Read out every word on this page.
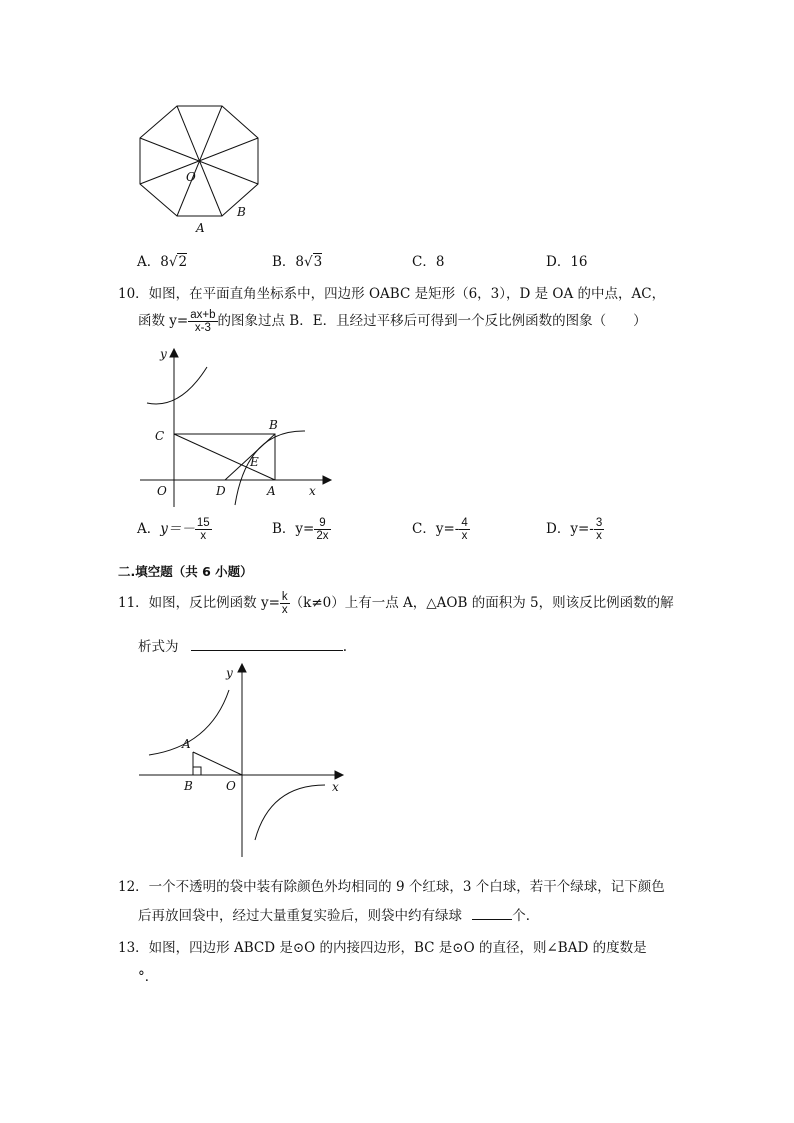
O
A
B
A．8√2	B．8√3	C．8	D．16
10．如图，在平面直角坐标系中，四边形 OABC 是矩形（6，3），D 是 OA 的中点，AC，
函数 $y= \frac{ax+b}{x-3}$ 的图象过点 B．E．且经过平移后可得到一个反比例函数的图象（　　）
y
x
O
C
B
E
D	A
A．$y=- \frac{15}{x}$	B．$y= \frac{9}{2x}$	C．$y=- \frac{4}{x}$	D．$y=- \frac{3}{x}$
二.填空题（共 6 小题）
11．如图，反比例函数 $y= \frac{k}{x} (k\ne 0)$上有一点 A，△AOB 的面积为 5，则该反比例函数的解
析式为	.
y
x
A
B	O
12．一个不透明的袋中装有除颜色外均相同的 9 个红球，3 个白球，若干个绿球，记下颜色
后再放回袋中，经过大量重复实验后，则袋中约有绿球	个．
13．如图，四边形 ABCD 是⊙O 的内接四边形，BC 是⊙O 的直径，则∠BAD 的度数是
°．
